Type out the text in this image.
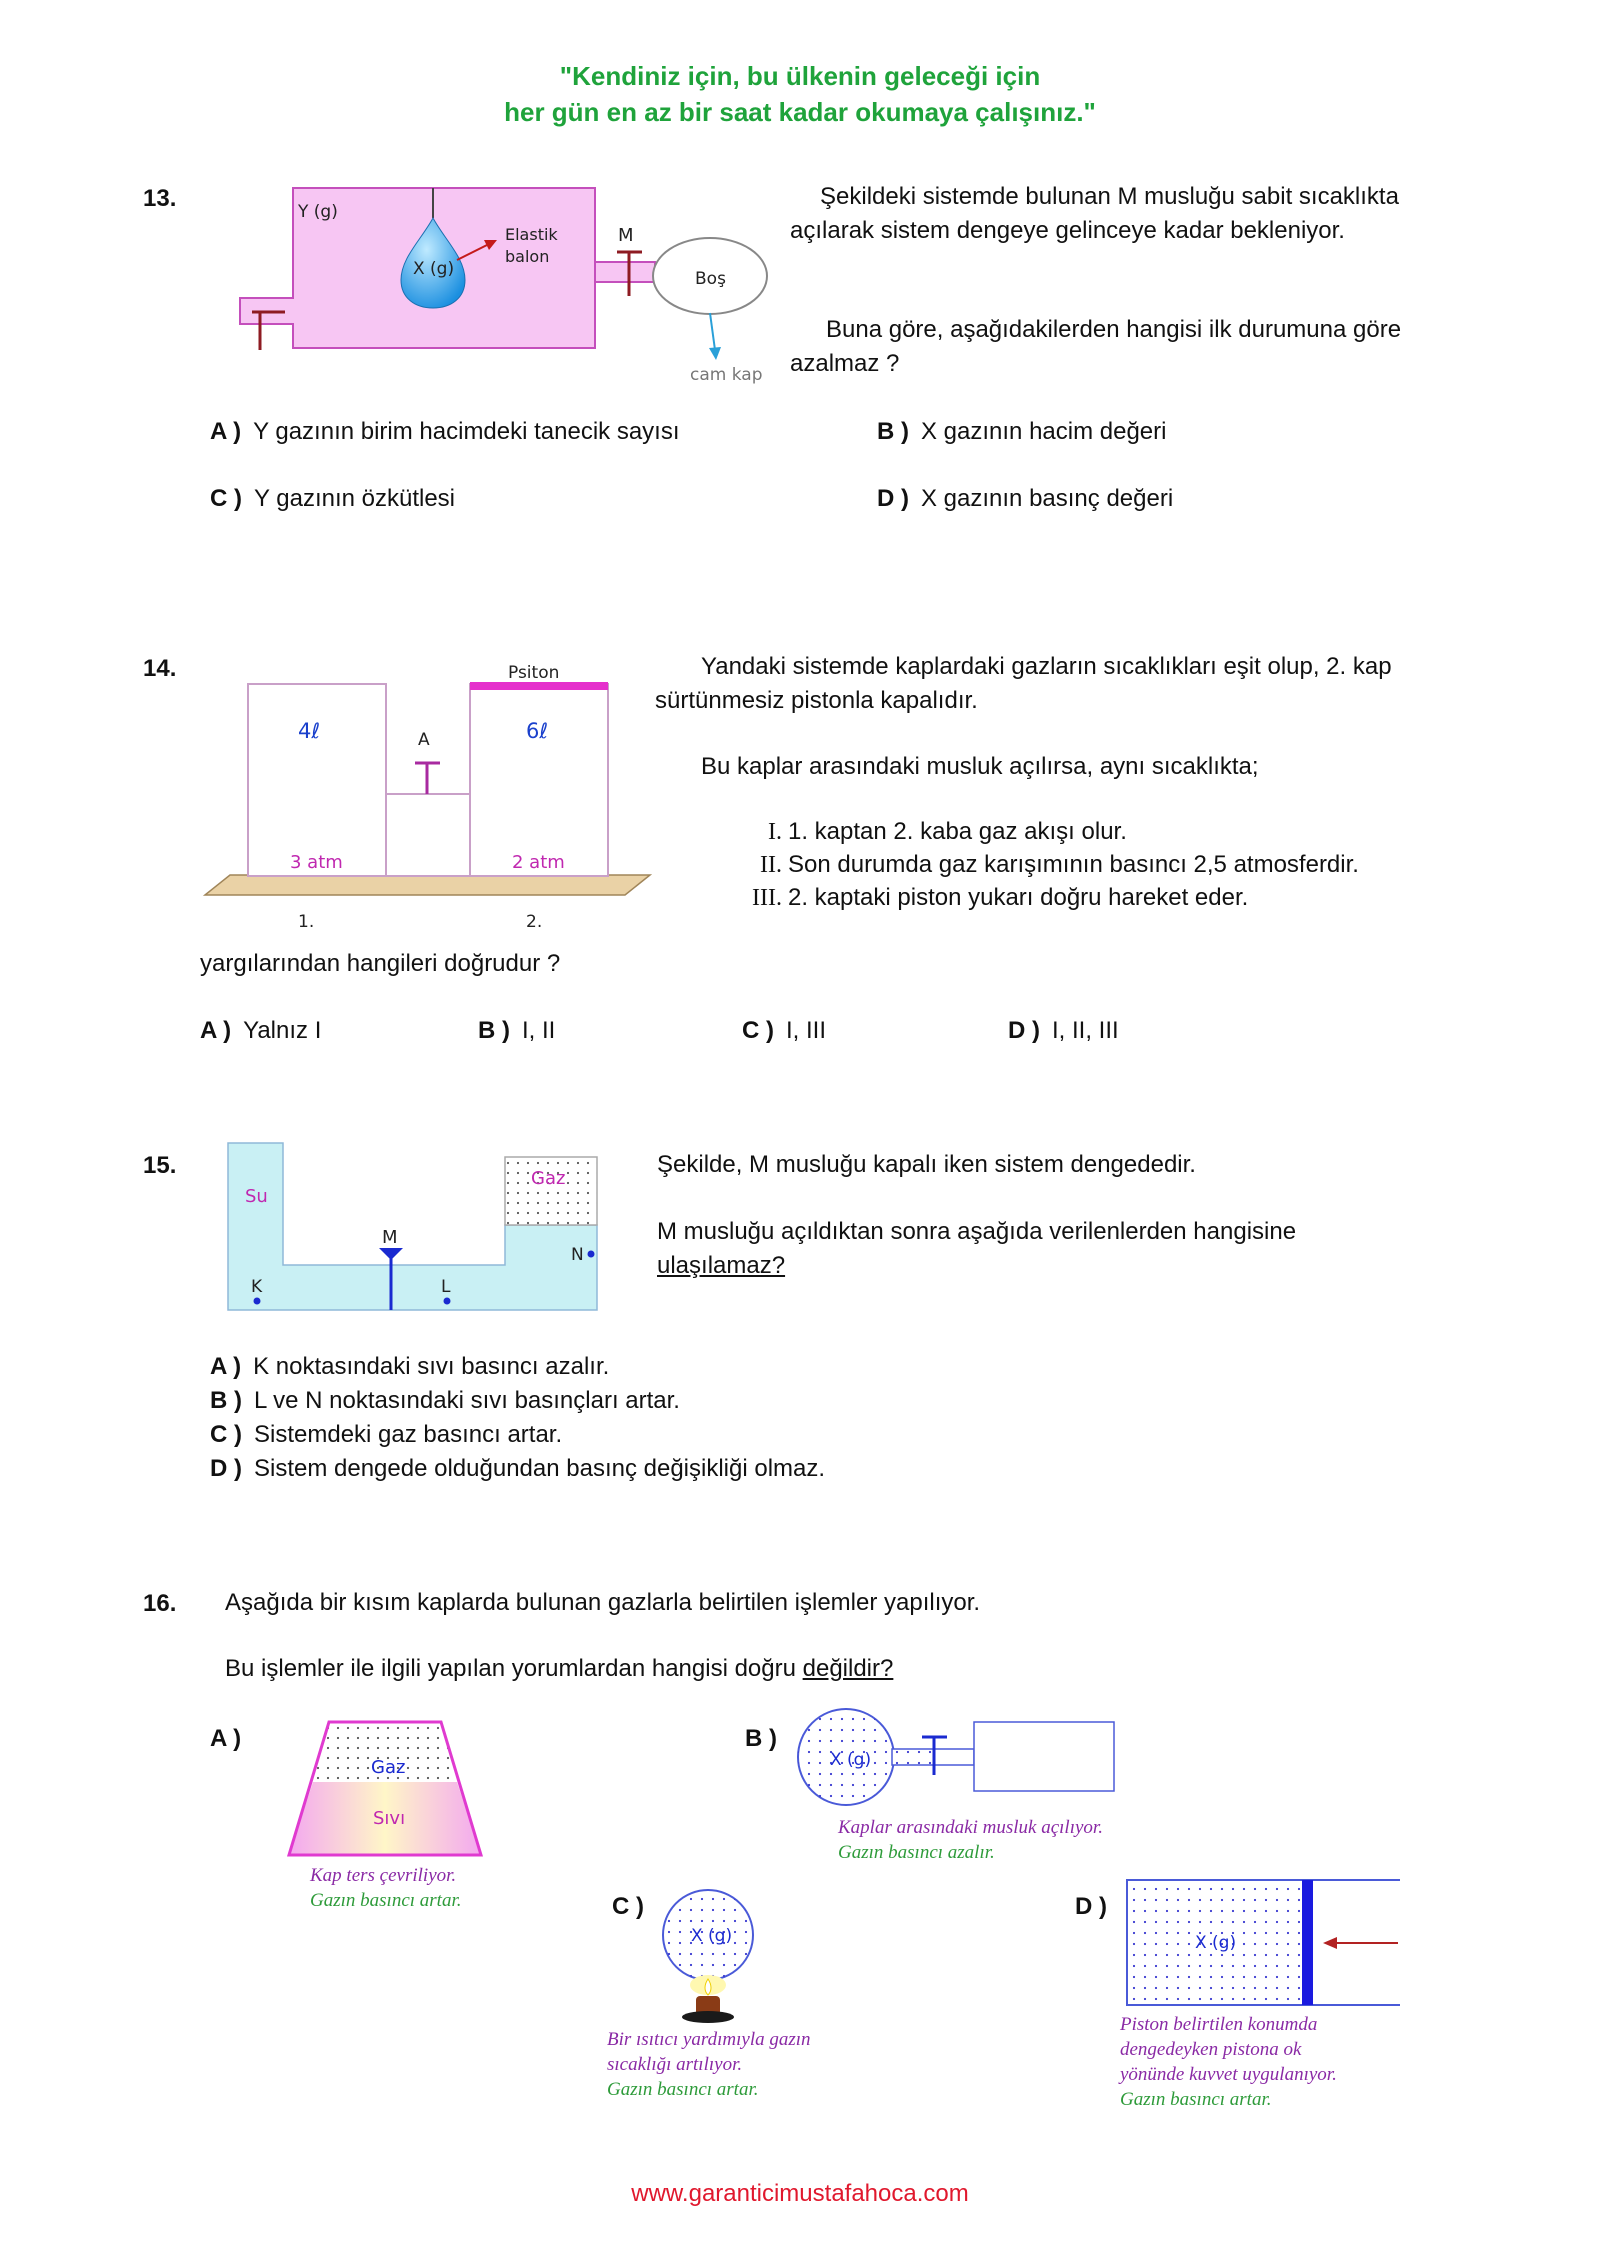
"Kendiniz için, bu ülkenin geleceği için
her gün en az bir saat kadar okumaya çalışınız."
13.	Y (g)
X (g)
Elastik
balon
M
Boş
cam kap
Şekildeki sistemde bulunan M musluğu sabit sıcaklıkta açılarak sistem dengeye gelinceye kadar bekleniyor.
Buna göre, aşağıdakilerden hangisi ilk durumuna göre azalmaz ?
A ) Y gazının birim hacimdeki tanecik sayısı	B ) X gazının hacim değeri
C ) Y gazının özkütlesi	D ) X gazının basınç değeri
14.	Psiton
4ℓ	6ℓ
A
3 atm	2 atm
1.	2.
Yandaki sistemde kaplardaki gazların sıcaklıkları eşit olup, 2. kap sürtünmesiz pistonla kapalıdır.
Bu kaplar arasındaki musluk açılırsa, aynı sıcaklıkta;
I. 1. kaptan 2. kaba gaz akışı olur.
II. Son durumda gaz karışımının basıncı 2,5 atmosferdir.
III. 2. kaptaki piston yukarı doğru hareket eder.
yargılarından hangileri doğrudur ?
A ) Yalnız I	B ) I, II	C ) I, III	D ) I, II, III
15.
Su
Gaz
M
K	L
N
Şekilde, M musluğu kapalı iken sistem dengededir.
M musluğu açıldıktan sonra aşağıda verilenlerden hangisine
ulaşılamaz?
A ) K noktasındaki sıvı basıncı azalır.
B ) L ve N noktasındaki sıvı basınçları artar.
C ) Sistemdeki gaz basıncı artar.
D ) Sistem dengede olduğundan basınç değişikliği olmaz.
16. Aşağıda bir kısım kaplarda bulunan gazlarla belirtilen işlemler yapılıyor.
Bu işlemler ile ilgili yapılan yorumlardan hangisi doğru değildir?
A )
Gaz
Sıvı
Kap ters çevriliyor.
Gazın basıncı artar.
B )
X (g)
Kaplar arasındaki musluk açılıyor.
Gazın basıncı azalır.
C )
X (g)
Bir ısıtıcı yardımıyla gazın
sıcaklığı artılıyor.
Gazın basıncı artar.
D )
X (g)
Piston belirtilen konumda
dengedeyken pistona ok
yönünde kuvvet uygulanıyor.
Gazın basıncı artar.
www.garanticimustafahoca.com
